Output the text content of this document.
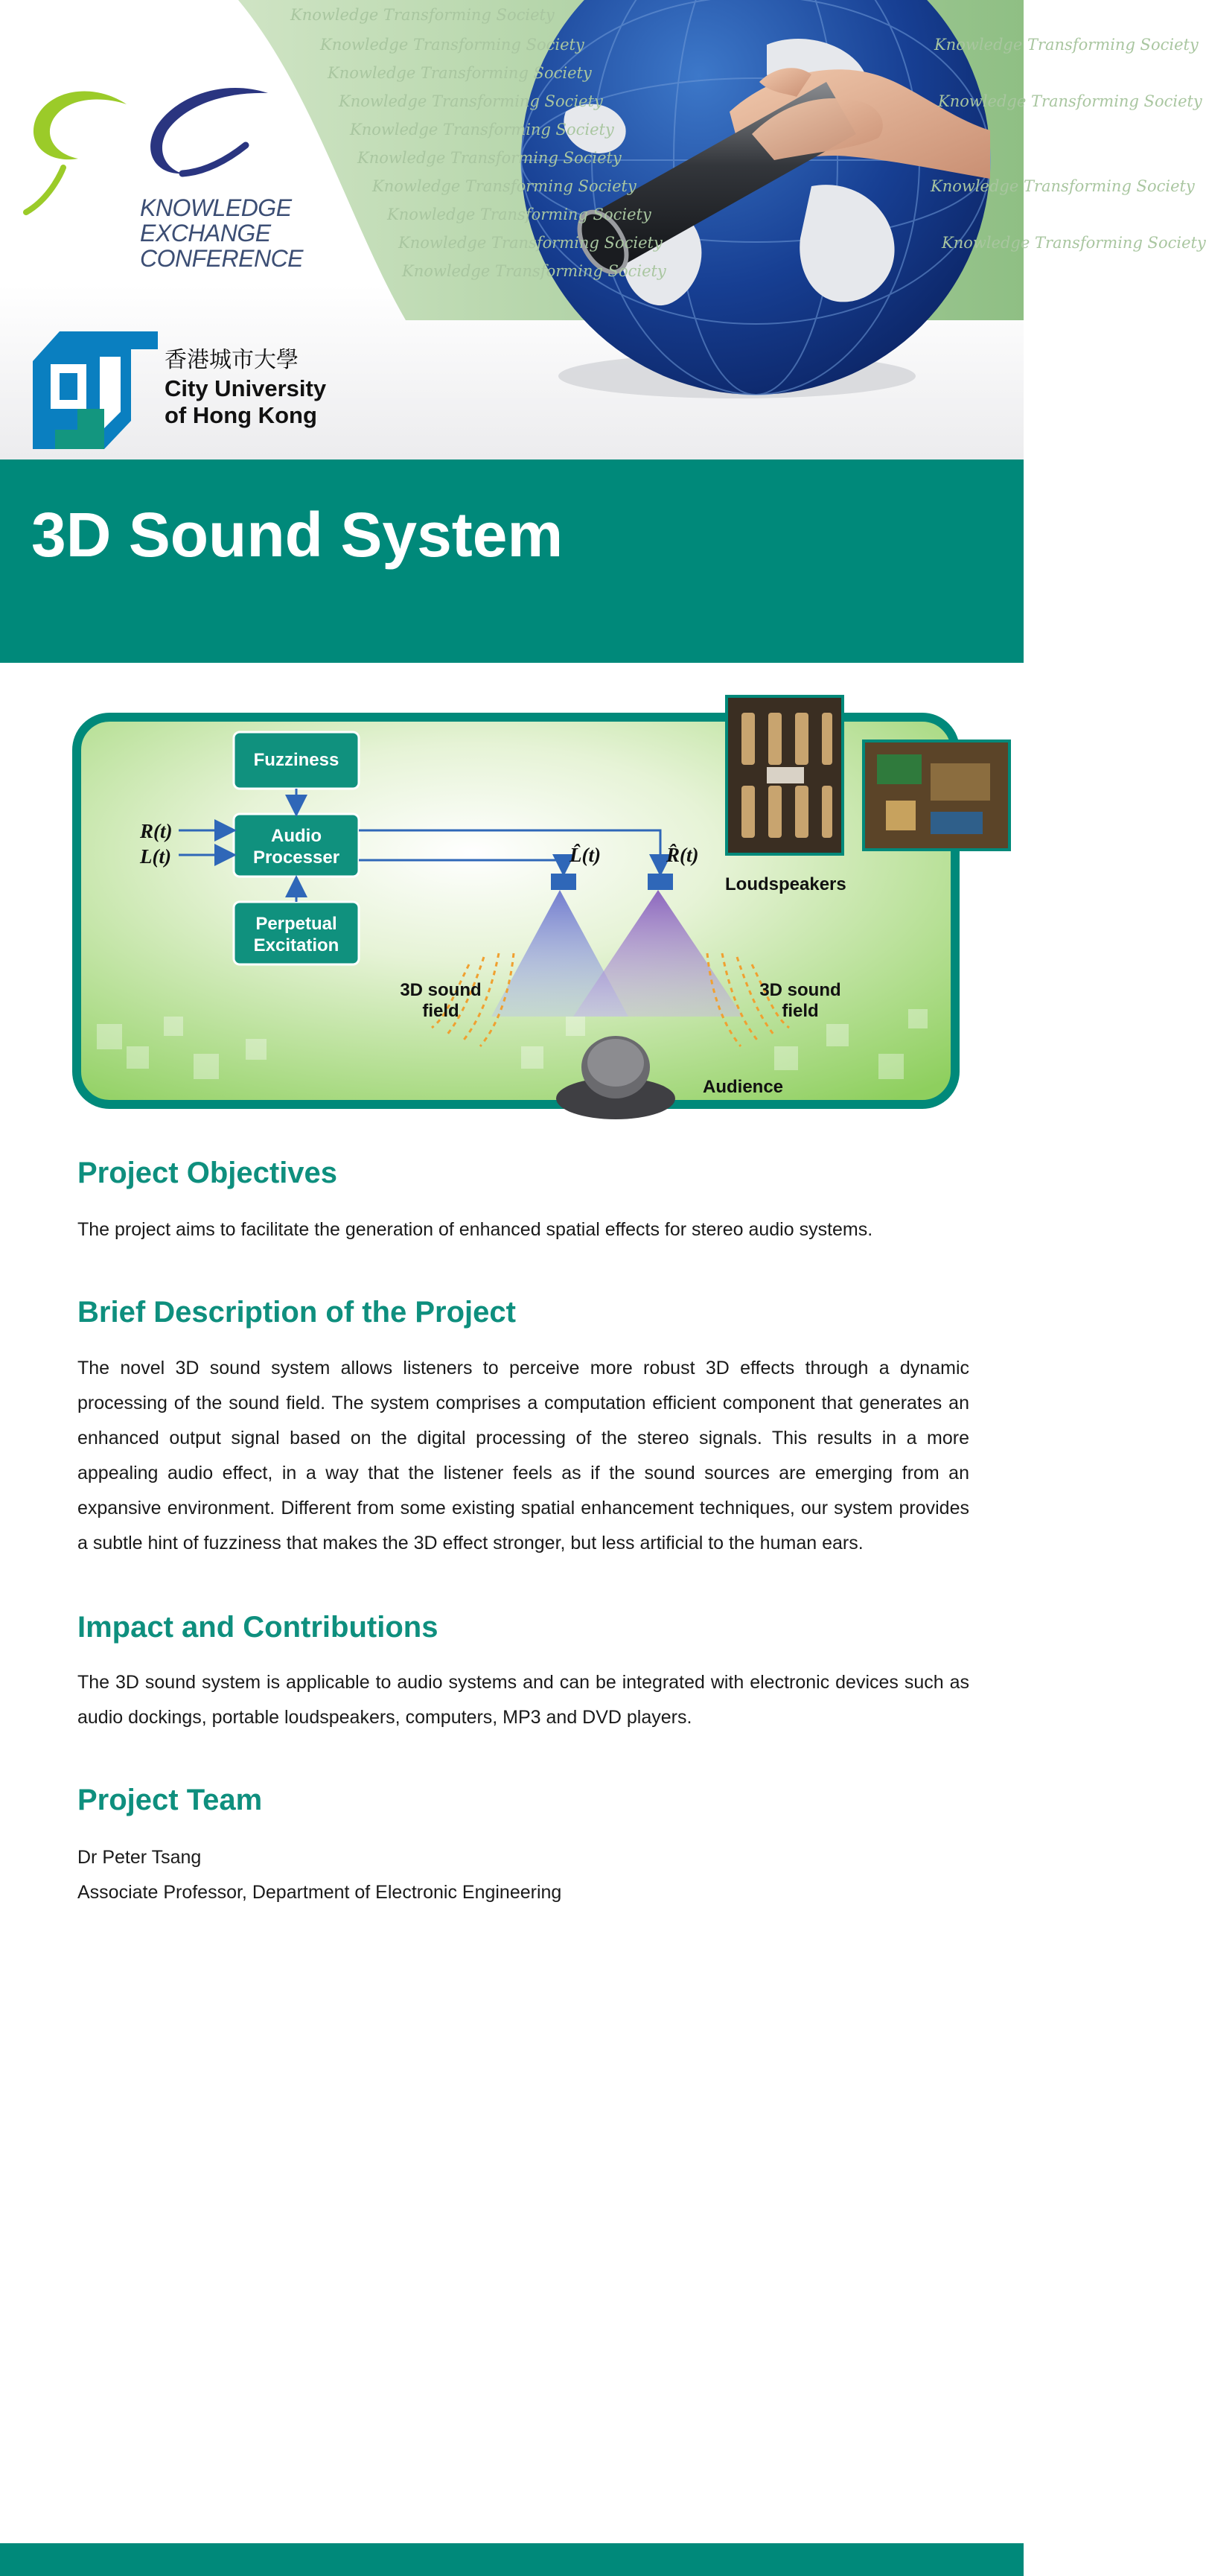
Knowledge Transforming Society
Knowledge Transforming Society
Knowledge Transforming Society
Knowledge Transforming Society
Knowledge Transforming Society
Knowledge Transforming Society
Knowledge Transforming Society
Knowledge Transforming Society
Knowledge Transforming Society
Knowledge Transforming Society
Knowledge Transforming Society
Knowledge Transforming Society
Knowledge Transforming Society
Knowledge Transforming Society
KNOWLEDGE
EXCHANGE
CONFERENCE
香港城市大學
City University
of Hong Kong
3D Sound System
Fuzziness
Audio
Processer
Perpetual
Excitation
R(t)
L(t)	L̂(t)	R̂(t)
Loudspeakers
3D sound
field
3D sound
field
Audience
Project Objectives

The project aims to facilitate the generation of enhanced spatial effects for stereo audio systems.

Brief Description of the Project

The novel 3D sound system allows listeners to perceive more robust 3D effects through a dynamic processing of the sound field. The system comprises a computation efficient component that generates an enhanced output signal based on the digital processing of the stereo signals. This results in a more appealing audio effect, in a way that the listener feels as if the sound sources are emerging from an expansive environment. Different from some existing spatial enhancement techniques, our system provides a subtle hint of fuzziness that makes the 3D effect stronger, but less artificial to the human ears.

Impact and Contributions

The 3D sound system is applicable to audio systems and can be integrated with electronic devices such as audio dockings, portable loudspeakers, computers, MP3 and DVD players.

Project Team
Dr Peter Tsang
Associate Professor, Department of Electronic Engineering
